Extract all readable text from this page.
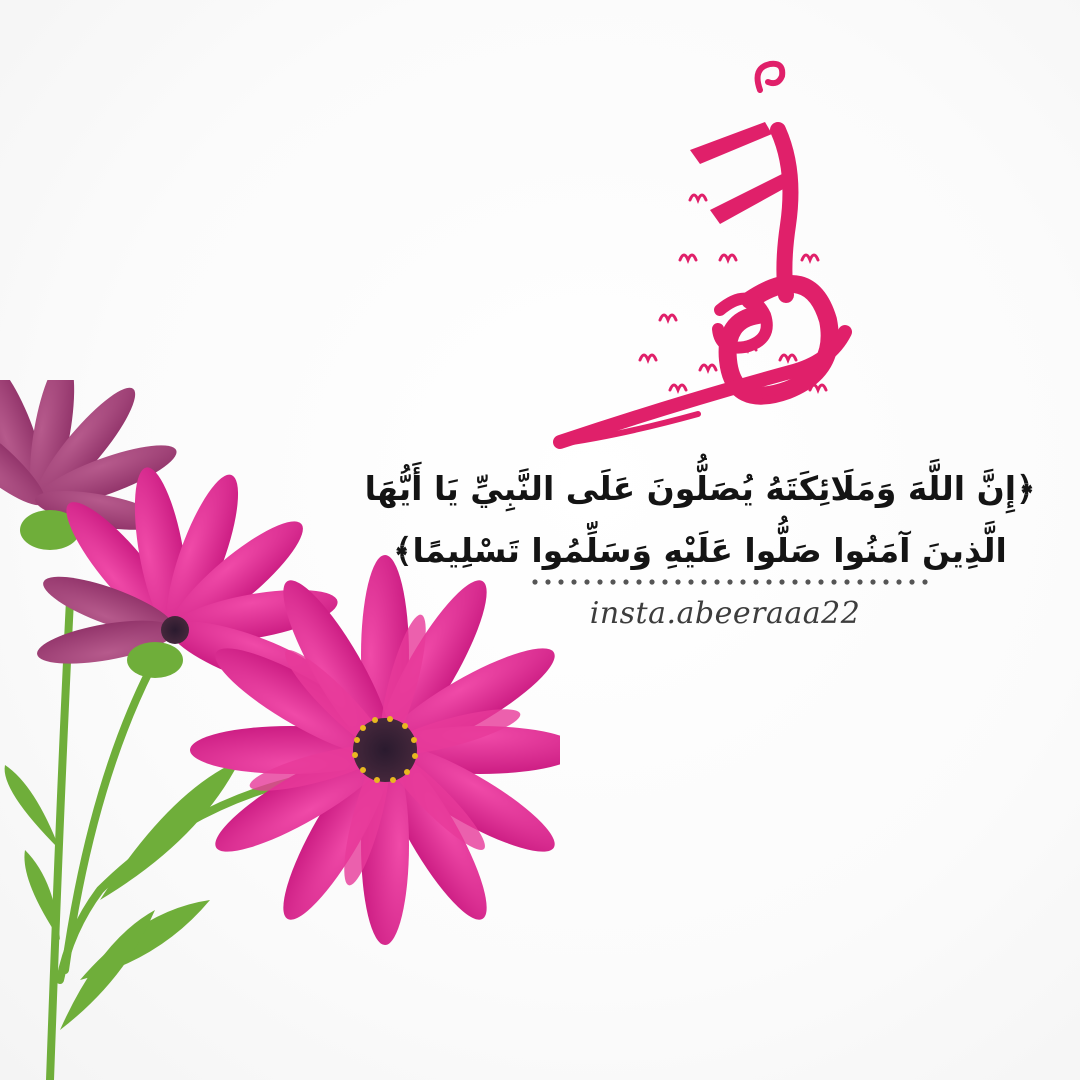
﴿إِنَّ اللَّهَ وَمَلَائِكَتَهُ يُصَلُّونَ عَلَى النَّبِيِّ يَا أَيُّهَا
الَّذِينَ آمَنُوا صَلُّوا عَلَيْهِ وَسَلِّمُوا تَسْلِيمًا﴾
insta.abeeraaa22
